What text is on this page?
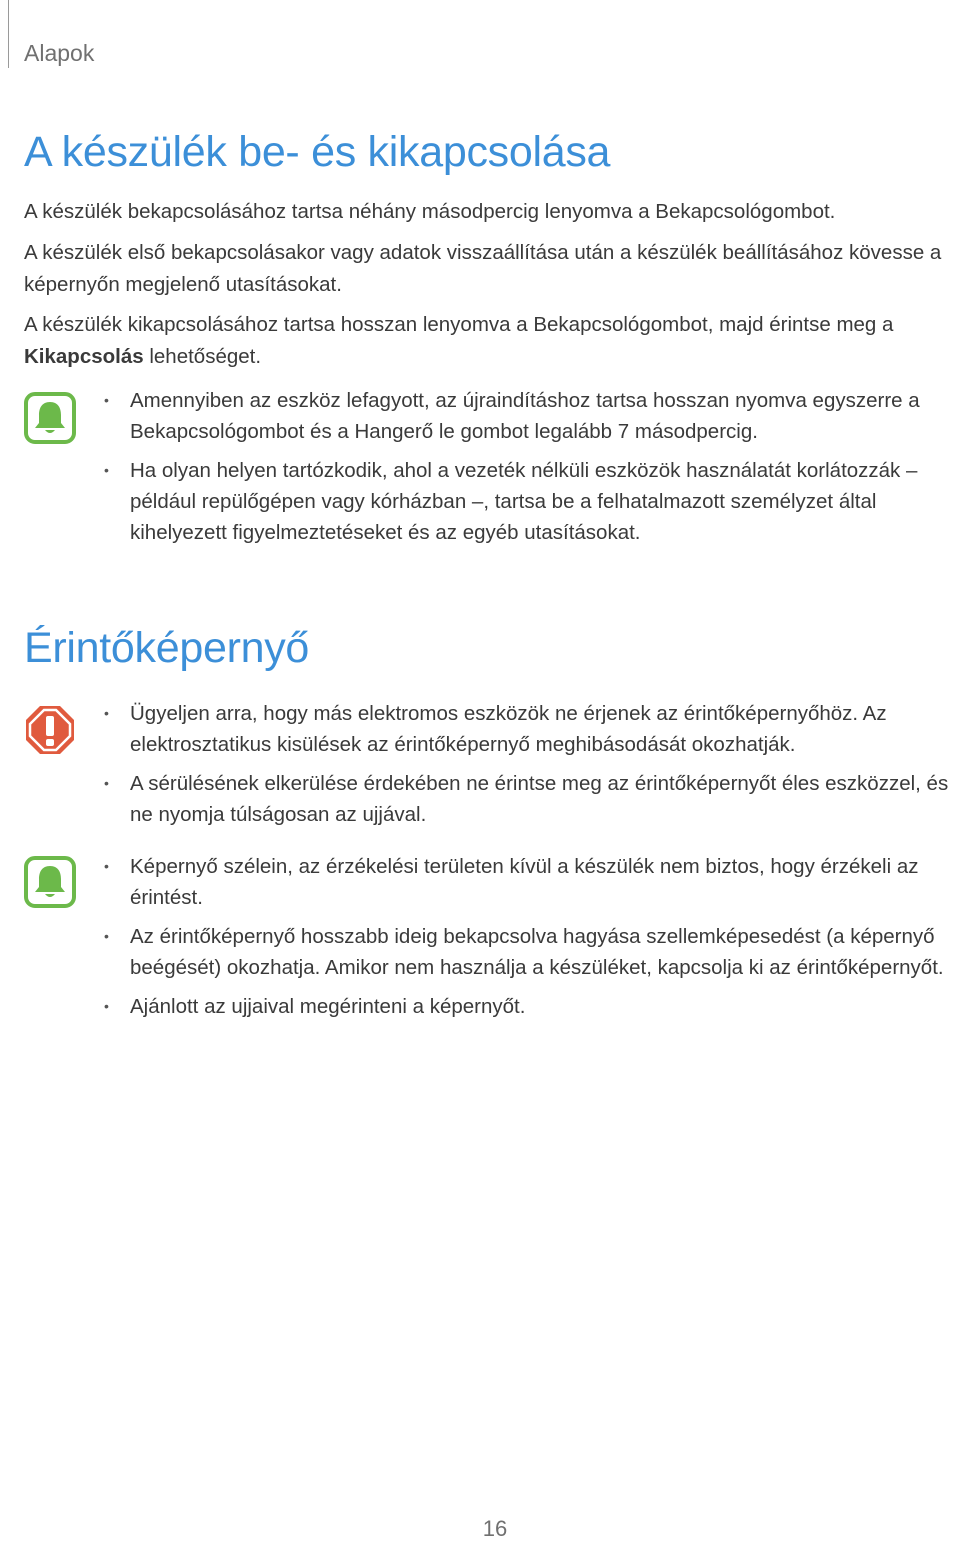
Alapok
A készülék be- és kikapcsolása

A készülék bekapcsolásához tartsa néhány másodpercig lenyomva a Bekapcsológombot.

A készülék első bekapcsolásakor vagy adatok visszaállítása után a készülék beállításához kövesse a képernyőn megjelenő utasításokat.

A készülék kikapcsolásához tartsa hosszan lenyomva a Bekapcsológombot, majd érintse meg a Kikapcsolás lehetőséget.

• Amennyiben az eszköz lefagyott, az újraindításhoz tartsa hosszan nyomva egyszerre a Bekapcsológombot és a Hangerő le gombot legalább 7 másodpercig.
• Ha olyan helyen tartózkodik, ahol a vezeték nélküli eszközök használatát korlátozzák – például repülőgépen vagy kórházban –, tartsa be a felhatalmazott személyzet által kihelyezett figyelmeztetéseket és az egyéb utasításokat.
Érintőképernyő
• Ügyeljen arra, hogy más elektromos eszközök ne érjenek az érintőképernyőhöz. Az elektrosztatikus kisülések az érintőképernyő meghibásodását okozhatják.
• A sérülésének elkerülése érdekében ne érintse meg az érintőképernyőt éles eszközzel, és ne nyomja túlságosan az ujjával.
• Képernyő szélein, az érzékelési területen kívül a készülék nem biztos, hogy érzékeli az érintést.
• Az érintőképernyő hosszabb ideig bekapcsolva hagyása szellemképesedést (a képernyő beégését) okozhatja. Amikor nem használja a készüléket, kapcsolja ki az érintőképernyőt.
• Ajánlott az ujjaival megérinteni a képernyőt.
16
